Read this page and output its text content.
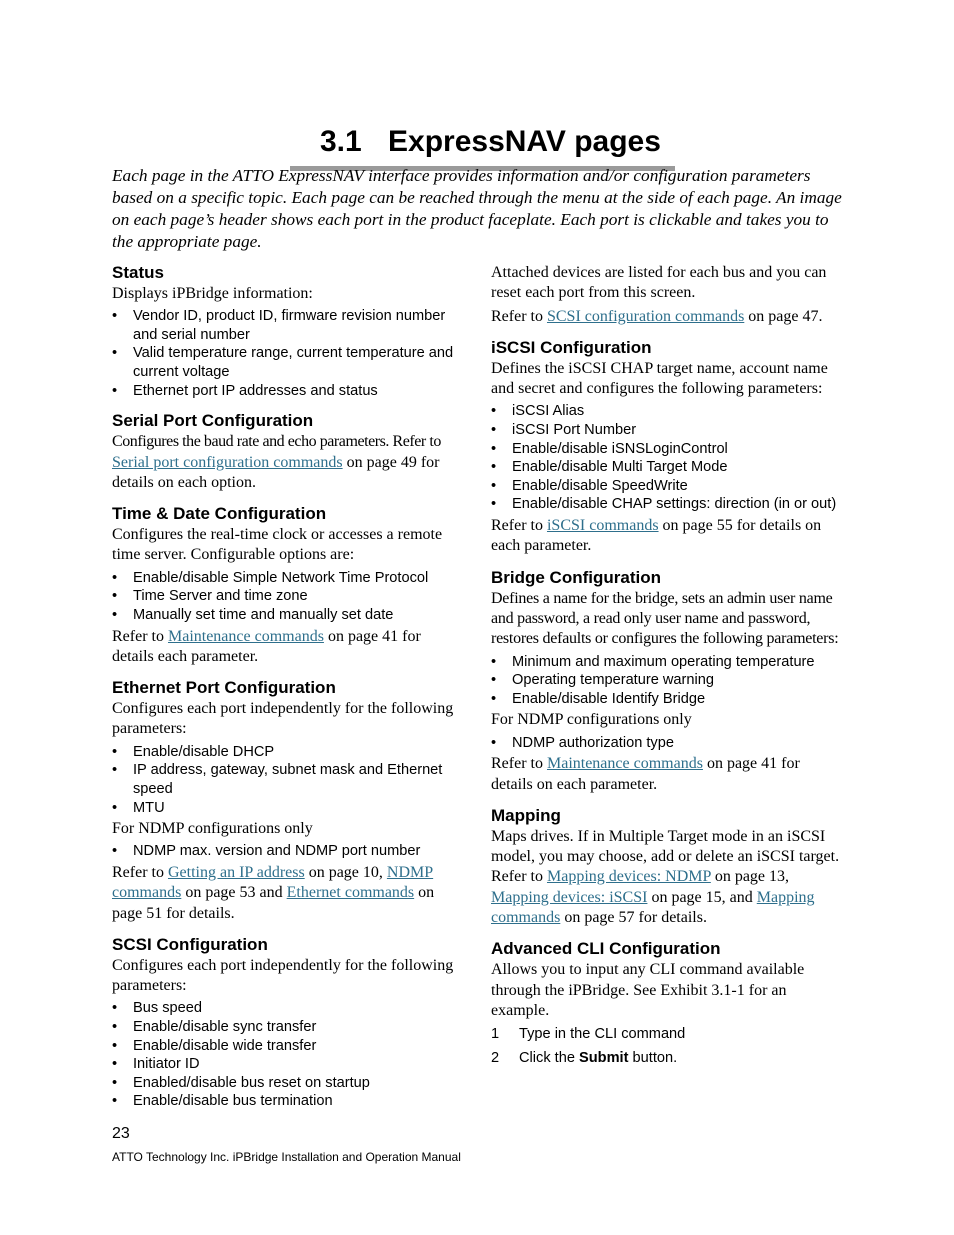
3.1 ExpressNAV pages

Each page in the ATTO ExpressNAV interface provides information and/or configuration parameters based on a specific topic. Each page can be reached through the menu at the side of each page. An image on each page’s header shows each port in the product faceplate. Each port is clickable and takes you to the appropriate page.

Status

Displays iPBridge information:

• Vendor ID, product ID, firmware revision number and serial number
• Valid temperature range, current temperature and current voltage
• Ethernet port IP addresses and status
Serial Port Configuration

Configures the baud rate and echo parameters. Refer to Serial port configuration commands on page 49 for details on each option.

Time & Date Configuration

Configures the real-time clock or accesses a remote time server. Configurable options are:

• Enable/disable Simple Network Time Protocol
• Time Server and time zone
• Manually set time and manually set date

Refer to Maintenance commands on page 41 for details each parameter.

Ethernet Port Configuration

Configures each port independently for the following parameters:

• Enable/disable DHCP
• IP address, gateway, subnet mask and Ethernet speed
• MTU

For NDMP configurations only

• NDMP max. version and NDMP port number

Refer to Getting an IP address on page 10, NDMP commands on page 53 and Ethernet commands on page 51 for details.

SCSI Configuration

Configures each port independently for the following parameters:

• Bus speed
• Enable/disable sync transfer
• Enable/disable wide transfer
• Initiator ID
• Enabled/disable bus reset on startup
• Enable/disable bus termination

Attached devices are listed for each bus and you can reset each port from this screen.

Refer to SCSI configuration commands on page 47.

iSCSI Configuration

Defines the iSCSI CHAP target name, account name and secret and configures the following parameters:

• iSCSI Alias
• iSCSI Port Number
• Enable/disable iSNSLoginControl
• Enable/disable Multi Target Mode
• Enable/disable SpeedWrite
• Enable/disable CHAP settings: direction (in or out)

Refer to iSCSI commands on page 55 for details on each parameter.

Bridge Configuration

Defines a name for the bridge, sets an admin user name and password, a read only user name and password, restores defaults or configures the following parameters:

• Minimum and maximum operating temperature
• Operating temperature warning
• Enable/disable Identify Bridge

For NDMP configurations only

• NDMP authorization type

Refer to Maintenance commands on page 41 for details on each parameter.

Mapping

Maps drives. If in Multiple Target mode in an iSCSI model, you may choose, add or delete an iSCSI target. Refer to Mapping devices: NDMP on page 13, Mapping devices: iSCSI on page 15, and Mapping commands on page 57 for details.

Advanced CLI Configuration

Allows you to input any CLI command available through the iPBridge. See Exhibit 3.1-1 for an example.

1 Type in the CLI command
2 Click the Submit button.
23
ATTO Technology Inc. iPBridge Installation and Operation Manual
